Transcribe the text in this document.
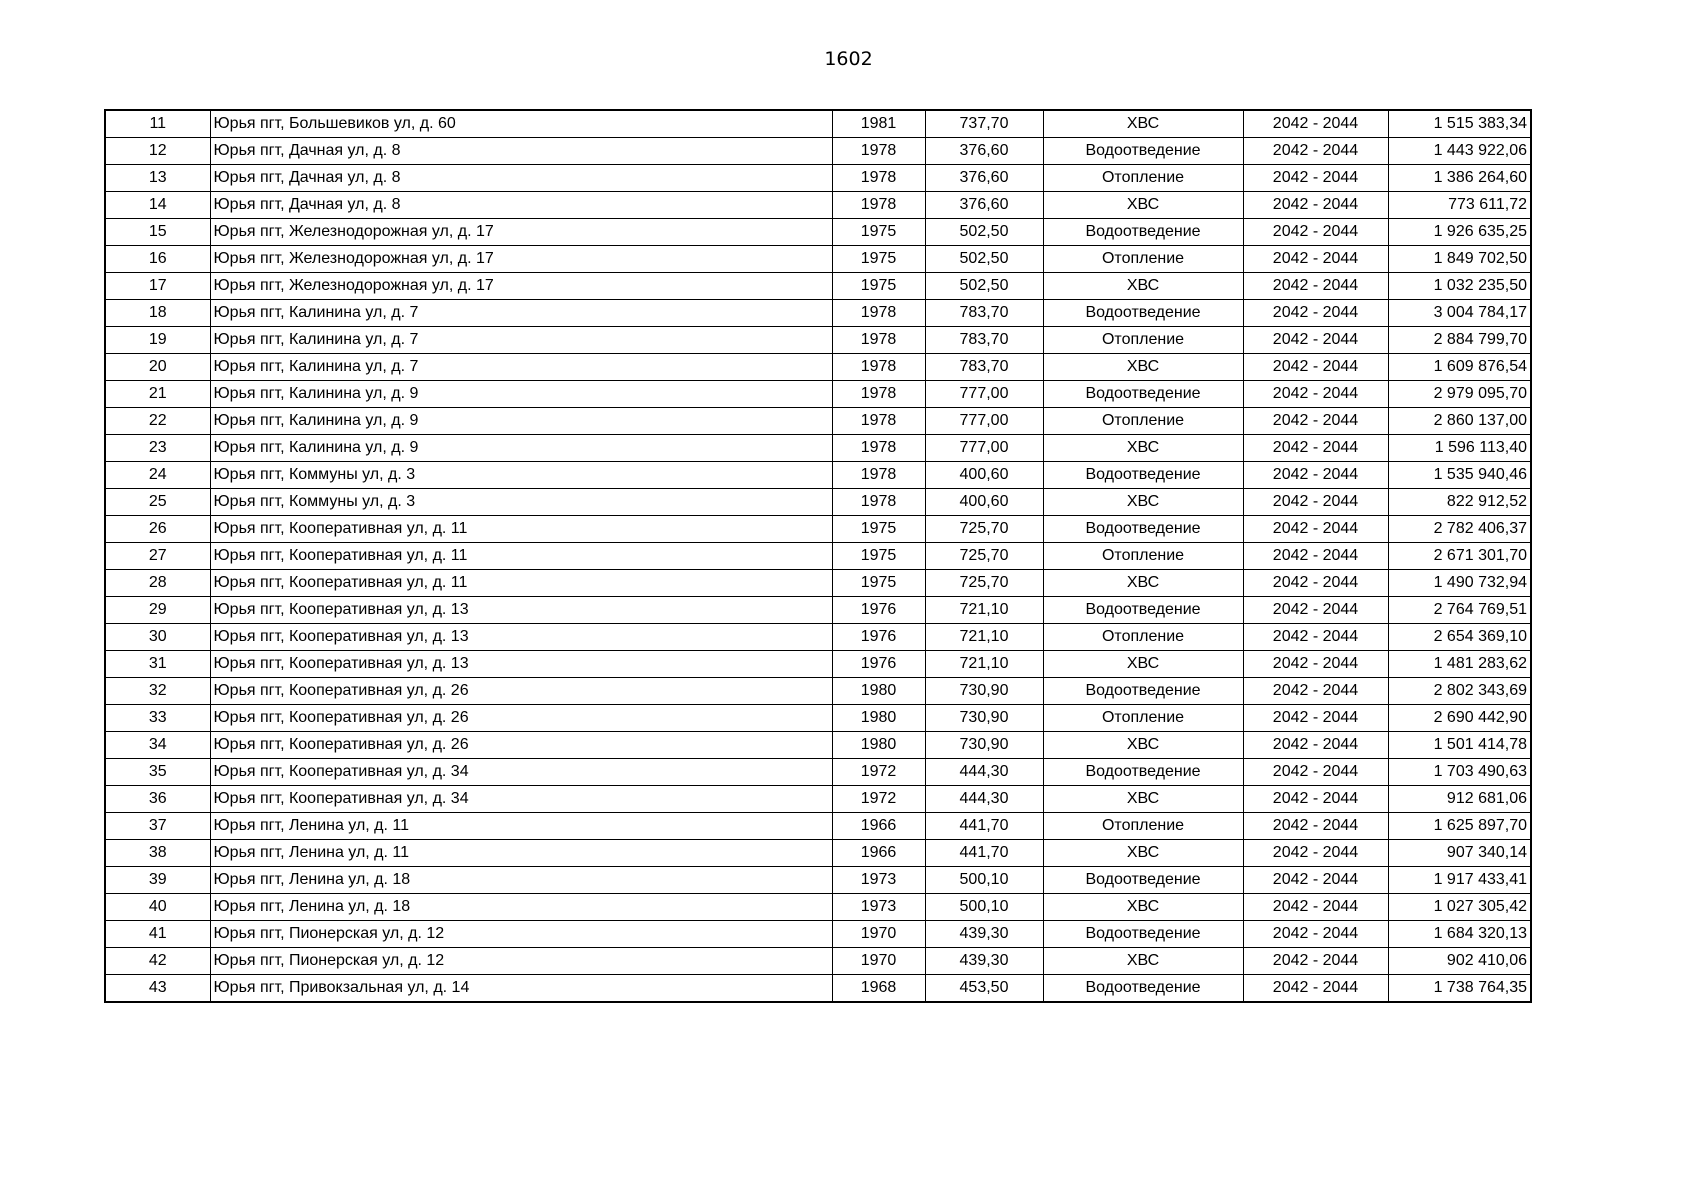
1602
11	Юрья пгт, Большевиков ул, д. 60	1981	737,70	ХВС	2042 - 2044	1 515 383,34
12	Юрья пгт, Дачная ул, д. 8	1978	376,60	Водоотведение	2042 - 2044	1 443 922,06
13	Юрья пгт, Дачная ул, д. 8	1978	376,60	Отопление	2042 - 2044	1 386 264,60
14	Юрья пгт, Дачная ул, д. 8	1978	376,60	ХВС	2042 - 2044	773 611,72
15	Юрья пгт, Железнодорожная ул, д. 17	1975	502,50	Водоотведение	2042 - 2044	1 926 635,25
16	Юрья пгт, Железнодорожная ул, д. 17	1975	502,50	Отопление	2042 - 2044	1 849 702,50
17	Юрья пгт, Железнодорожная ул, д. 17	1975	502,50	ХВС	2042 - 2044	1 032 235,50
18	Юрья пгт, Калинина ул, д. 7	1978	783,70	Водоотведение	2042 - 2044	3 004 784,17
19	Юрья пгт, Калинина ул, д. 7	1978	783,70	Отопление	2042 - 2044	2 884 799,70
20	Юрья пгт, Калинина ул, д. 7	1978	783,70	ХВС	2042 - 2044	1 609 876,54
21	Юрья пгт, Калинина ул, д. 9	1978	777,00	Водоотведение	2042 - 2044	2 979 095,70
22	Юрья пгт, Калинина ул, д. 9	1978	777,00	Отопление	2042 - 2044	2 860 137,00
23	Юрья пгт, Калинина ул, д. 9	1978	777,00	ХВС	2042 - 2044	1 596 113,40
24	Юрья пгт, Коммуны ул, д. 3	1978	400,60	Водоотведение	2042 - 2044	1 535 940,46
25	Юрья пгт, Коммуны ул, д. 3	1978	400,60	ХВС	2042 - 2044	822 912,52
26	Юрья пгт, Кооперативная ул, д. 11	1975	725,70	Водоотведение	2042 - 2044	2 782 406,37
27	Юрья пгт, Кооперативная ул, д. 11	1975	725,70	Отопление	2042 - 2044	2 671 301,70
28	Юрья пгт, Кооперативная ул, д. 11	1975	725,70	ХВС	2042 - 2044	1 490 732,94
29	Юрья пгт, Кооперативная ул, д. 13	1976	721,10	Водоотведение	2042 - 2044	2 764 769,51
30	Юрья пгт, Кооперативная ул, д. 13	1976	721,10	Отопление	2042 - 2044	2 654 369,10
31	Юрья пгт, Кооперативная ул, д. 13	1976	721,10	ХВС	2042 - 2044	1 481 283,62
32	Юрья пгт, Кооперативная ул, д. 26	1980	730,90	Водоотведение	2042 - 2044	2 802 343,69
33	Юрья пгт, Кооперативная ул, д. 26	1980	730,90	Отопление	2042 - 2044	2 690 442,90
34	Юрья пгт, Кооперативная ул, д. 26	1980	730,90	ХВС	2042 - 2044	1 501 414,78
35	Юрья пгт, Кооперативная ул, д. 34	1972	444,30	Водоотведение	2042 - 2044	1 703 490,63
36	Юрья пгт, Кооперативная ул, д. 34	1972	444,30	ХВС	2042 - 2044	912 681,06
37	Юрья пгт, Ленина ул, д. 11	1966	441,70	Отопление	2042 - 2044	1 625 897,70
38	Юрья пгт, Ленина ул, д. 11	1966	441,70	ХВС	2042 - 2044	907 340,14
39	Юрья пгт, Ленина ул, д. 18	1973	500,10	Водоотведение	2042 - 2044	1 917 433,41
40	Юрья пгт, Ленина ул, д. 18	1973	500,10	ХВС	2042 - 2044	1 027 305,42
41	Юрья пгт, Пионерская ул, д. 12	1970	439,30	Водоотведение	2042 - 2044	1 684 320,13
42	Юрья пгт, Пионерская ул, д. 12	1970	439,30	ХВС	2042 - 2044	902 410,06
43	Юрья пгт, Привокзальная ул, д. 14	1968	453,50	Водоотведение	2042 - 2044	1 738 764,35
